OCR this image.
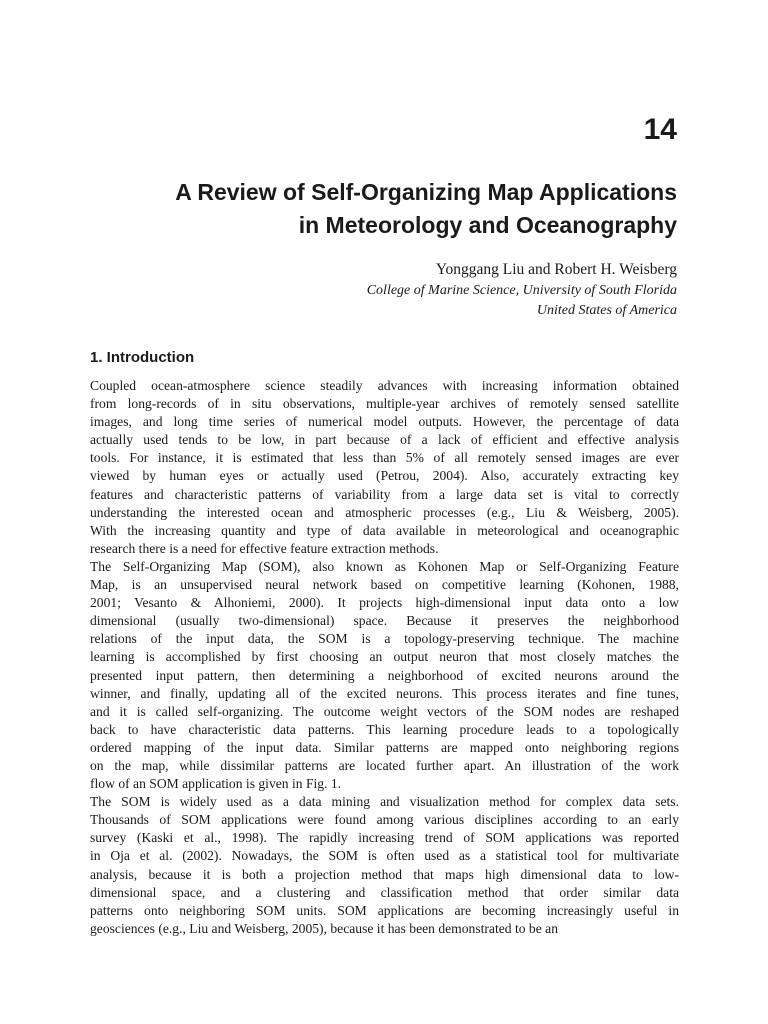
14
A Review of Self-Organizing Map Applications
in Meteorology and Oceanography
Yonggang Liu and Robert H. Weisberg
College of Marine Science, University of South Florida
United States of America
1. Introduction
Coupled ocean-atmosphere science steadily advances with increasing information obtained
from long-records of in situ observations, multiple-year archives of remotely sensed satellite
images, and long time series of numerical model outputs. However, the percentage of data
actually used tends to be low, in part because of a lack of efficient and effective analysis
tools. For instance, it is estimated that less than 5% of all remotely sensed images are ever
viewed by human eyes or actually used (Petrou, 2004). Also, accurately extracting key
features and characteristic patterns of variability from a large data set is vital to correctly
understanding the interested ocean and atmospheric processes (e.g., Liu & Weisberg, 2005).
With the increasing quantity and type of data available in meteorological and oceanographic
research there is a need for effective feature extraction methods.
The Self-Organizing Map (SOM), also known as Kohonen Map or Self-Organizing Feature
Map, is an unsupervised neural network based on competitive learning (Kohonen, 1988,
2001; Vesanto & Alhoniemi, 2000). It projects high-dimensional input data onto a low
dimensional (usually two-dimensional) space. Because it preserves the neighborhood
relations of the input data, the SOM is a topology-preserving technique. The machine
learning is accomplished by first choosing an output neuron that most closely matches the
presented input pattern, then determining a neighborhood of excited neurons around the
winner, and finally, updating all of the excited neurons. This process iterates and fine tunes,
and it is called self-organizing. The outcome weight vectors of the SOM nodes are reshaped
back to have characteristic data patterns. This learning procedure leads to a topologically
ordered mapping of the input data. Similar patterns are mapped onto neighboring regions
on the map, while dissimilar patterns are located further apart. An illustration of the work
flow of an SOM application is given in Fig. 1.
The SOM is widely used as a data mining and visualization method for complex data sets.
Thousands of SOM applications were found among various disciplines according to an early
survey (Kaski et al., 1998). The rapidly increasing trend of SOM applications was reported
in Oja et al. (2002). Nowadays, the SOM is often used as a statistical tool for multivariate
analysis, because it is both a projection method that maps high dimensional data to low-
dimensional space, and a clustering and classification method that order similar data
patterns onto neighboring SOM units. SOM applications are becoming increasingly useful in
geosciences (e.g., Liu and Weisberg, 2005), because it has been demonstrated to be an
